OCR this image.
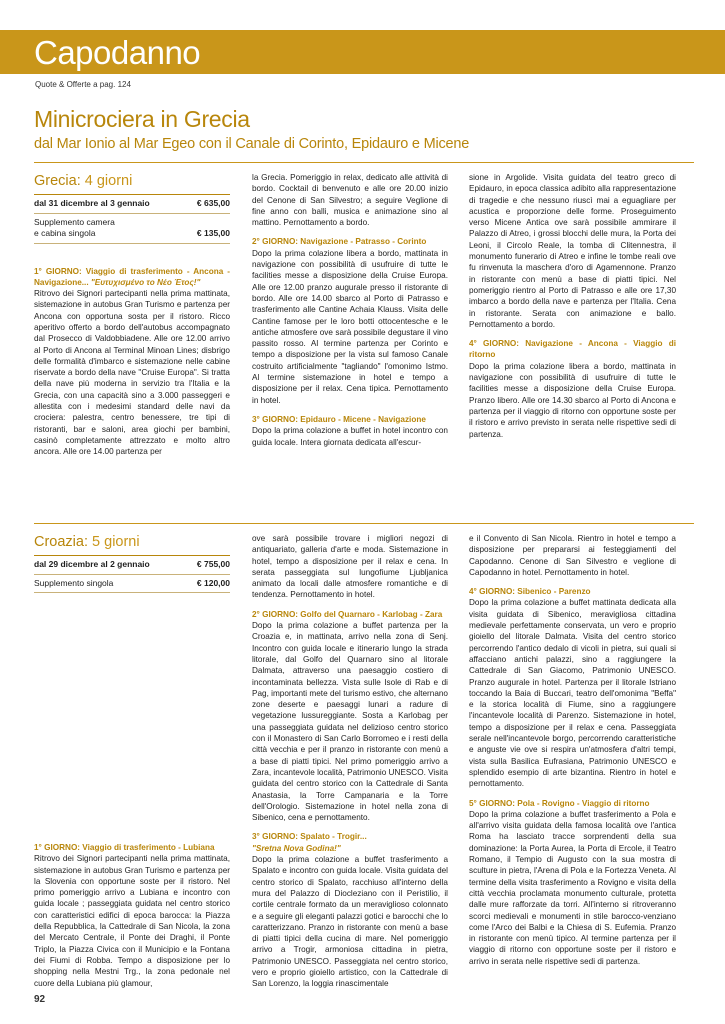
Capodanno
Quote & Offerte a pag. 124
Minicrociera in Grecia
dal Mar Ionio al Mar Egeo con il Canale di Corinto, Epidauro e Micene
Grecia: 4 giorni
dal 31 dicembre al 3 gennaio	€ 635,00
Supplemento camera
e cabina singola	€ 135,00
1° GIORNO: Viaggio di trasferimento - Ancona - Navigazione... "Ευτυχισμένο το Νέο Έτος!"
Ritrovo dei Signori partecipanti nella prima mattinata, sistemazione in autobus Gran Turismo e partenza per Ancona con opportuna sosta per il ristoro. Ricco aperitivo offerto a bordo dell'autobus accompagnato dal Prosecco di Valdobbiadene. Alle ore 12.00 arrivo al Porto di Ancona al Terminal Minoan Lines; disbrigo delle formalità d'imbarco e sistemazione nelle cabine riservate a bordo della nave "Cruise Europa". Si tratta della nave più moderna in servizio tra l'Italia e la Grecia, con una capacità sino a 3.000 passeggeri e allestita con i medesimi standard delle navi da crociera: palestra, centro benessere, tre tipi di ristoranti, bar e saloni, area giochi per bambini, casinò completamente attrezzato e molto altro ancora. Alle ore 14.00 partenza per
la Grecia. Pomeriggio in relax, dedicato alle attività di bordo. Cocktail di benvenuto e alle ore 20.00 inizio del Cenone di San Silvestro; a seguire Veglione di fine anno con balli, musica e animazione sino al mattino. Pernottamento a bordo.
2° GIORNO: Navigazione - Patrasso - Corinto
Dopo la prima colazione libera a bordo, mattinata in navigazione con possibilità di usufruire di tutte le facilities messe a disposizione della Cruise Europa. Alle ore 12.00 pranzo augurale presso il ristorante di bordo. Alle ore 14.00 sbarco al Porto di Patrasso e trasferimento alle Cantine Achaia Klauss. Visita delle Cantine famose per le loro botti ottocentesche e le antiche atmosfere ove sarà possibile degustare il vino passito rosso. Al termine partenza per Corinto e tempo a disposizione per la vista sul famoso Canale costruito artificialmente "tagliando" l'omonimo Istmo. Al termine sistemazione in hotel e tempo a disposizione per il relax. Cena tipica. Pernottamento in hotel.
3° GIORNO: Epidauro - Micene - Navigazione
Dopo la prima colazione a buffet in hotel incontro con guida locale. Intera giornata dedicata all'escur-
sione in Argolide. Visita guidata del teatro greco di Epidauro, in epoca classica adibito alla rappresentazione di tragedie e che nessuno riuscì mai a eguagliare per acustica e proporzione delle forme. Proseguimento verso Micene Antica ove sarà possibile ammirare il Palazzo di Atreo, i grossi blocchi delle mura, la Porta dei Leoni, il Circolo Reale, la tomba di Clitennestra, il monumento funerario di Atreo e infine le tombe reali ove fu rinvenuta la maschera d'oro di Agamennone. Pranzo in ristorante con menù a base di piatti tipici. Nel pomeriggio rientro al Porto di Patrasso e alle ore 17,30 imbarco a bordo della nave e partenza per l'Italia. Cena in ristorante. Serata con animazione e ballo. Pernottamento a bordo.
4° GIORNO: Navigazione - Ancona - Viaggio di ritorno
Dopo la prima colazione libera a bordo, mattinata in navigazione con possibilità di usufruire di tutte le facilities messe a disposizione della Cruise Europa. Pranzo libero. Alle ore 14.30 sbarco al Porto di Ancona e partenza per il viaggio di ritorno con opportune soste per il ristoro e arrivo previsto in serata nelle rispettive sedi di partenza.
Croazia: 5 giorni
dal 29 dicembre al 2 gennaio	€ 755,00
Supplemento singola	€ 120,00
1° GIORNO: Viaggio di trasferimento - Lubiana
Ritrovo dei Signori partecipanti nella prima mattinata, sistemazione in autobus Gran Turismo e partenza per la Slovenia con opportune soste per il ristoro. Nel primo pomeriggio arrivo a Lubiana e incontro con guida locale ; passeggiata guidata nel centro storico con caratteristici edifici di epoca barocca: la Piazza della Repubblica, la Cattedrale di San Nicola, la zona del Mercato Centrale, il Ponte dei Draghi, il Ponte Triplo, la Piazza Civica con il Municipio e la Fontana dei Fiumi di Robba. Tempo a disposizione per lo shopping nella Mestni Trg., la zona pedonale nel cuore della Lubiana più glamour,
ove sarà possibile trovare i migliori negozi di antiquariato, galleria d'arte e moda. Sistemazione in hotel, tempo a disposizione per il relax e cena. In serata passeggiata sul lungofiume Ljubljanica animato da locali dalle atmosfere romantiche e di tendenza. Pernottamento in hotel.
2° GIORNO: Golfo del Quarnaro - Karlobag - Zara
Dopo la prima colazione a buffet partenza per la Croazia e, in mattinata, arrivo nella zona di Senj. Incontro con guida locale e itinerario lungo la strada litorale, dal Golfo del Quarnaro sino al litorale Dalmata, attraverso una paesaggio costiero di incontaminata bellezza. Vista sulle Isole di Rab e di Pag, importanti mete del turismo estivo, che alternano zone deserte e paesaggi lunari a radure di vegetazione lussureggiante. Sosta a Karlobag per una passeggiata guidata nel delizioso centro storico con il Monastero di San Carlo Borromeo e i resti della città vecchia e per il pranzo in ristorante con menù a a base di piatti tipici. Nel primo pomeriggio arrivo a Zara, incantevole località, Patrimonio UNESCO. Visita guidata del centro storico con la Cattedrale di Santa Anastasia, la Torre Campanaria e la Torre dell'Orologio. Sistemazione in hotel nella zona di Sibenico, cena e pernottamento.
3° GIORNO: Spalato - Trogir...
"Sretna Nova Godina!"
Dopo la prima colazione a buffet trasferimento a Spalato e incontro con guida locale. Visita guidata del centro storico di Spalato, racchiuso all'interno della mura del Palazzo di Diocleziano con il Peristilio, il cortile centrale formato da un meraviglioso colonnato e a seguire gli eleganti palazzi gotici e barocchi che lo caratterizzano. Pranzo in ristorante con menù a base di piatti tipici della cucina di mare. Nel pomeriggio arrivo a Trogir, armoniosa cittadina in pietra, Patrimonio UNESCO. Passeggiata nel centro storico, vero e proprio gioiello artistico, con la Cattedrale di San Lorenzo, la loggia rinascimentale
e il Convento di San Nicola. Rientro in hotel e tempo a disposizione per prepararsi ai festeggiamenti del Capodanno. Cenone di San Silvestro e veglione di Capodanno in hotel. Pernottamento in hotel.
4° GIORNO: Sibenico - Parenzo
Dopo la prima colazione a buffet mattinata dedicata alla visita guidata di Sibenico, meravigliosa cittadina medievale perfettamente conservata, un vero e proprio gioiello del litorale Dalmata. Visita del centro storico percorrendo l'antico dedalo di vicoli in pietra, sui quali si affacciano antichi palazzi, sino a raggiungere la Cattedrale di San Giacomo, Patrimonio UNESCO. Pranzo augurale in hotel. Partenza per il litorale Istriano toccando la Baia di Buccari, teatro dell'omonima "Beffa" e la storica località di Fiume, sino a raggiungere l'incantevole località di Parenzo. Sistemazione in hotel, tempo a disposizione per il relax e cena. Passeggiata serale nell'incantevole borgo, percorrendo caratteristiche e anguste vie ove si respira un'atmosfera d'altri tempi, vista sulla Basilica Eufrasiana, Patrimonio UNESCO e splendido esempio di arte bizantina. Rientro in hotel e pernottamento.
5° GIORNO: Pola - Rovigno - Viaggio di ritorno
Dopo la prima colazione a buffet trasferimento a Pola e all'arrivo visita guidata della famosa località ove l'antica Roma ha lasciato tracce sorprendenti della sua dominazione: la Porta Aurea, la Porta di Ercole, il Teatro Romano, il Tempio di Augusto con la sua mostra di sculture in pietra, l'Arena di Pola e la Fortezza Veneta. Al termine della visita trasferimento a Rovigno e visita della città vecchia proclamata monumento culturale, protetta dalle mure rafforzate da torri. All'interno si ritroveranno scorci medievali e monumenti in stile barocco-venziano come l'Arco dei Balbi e la Chiesa di S. Eufemia. Pranzo in ristorante con menù tipico. Al termine partenza per il viaggio di ritorno con opportune soste per il ristoro e arrivo in serata nelle rispettive sedi di partenza.
92
